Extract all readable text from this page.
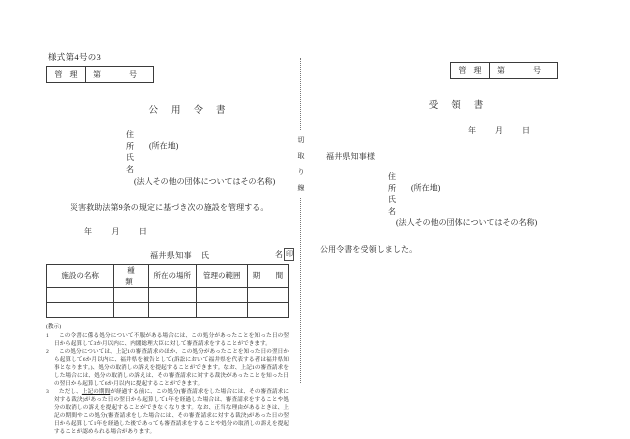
様式第4号の3
管 理	第	号
公用令書
住　所 (所在地)
氏　名
(法人その他の団体についてはその名称)
災害救助法第9条の規定に基づき次の施設を管理する。
年 月 日
福井県知事 氏	名 印
施設の名称	種　類	所在の場所	管理の範囲	期　間

(教示)
1	この令書に係る処分について不服がある場合には、この処分があったことを知った日の翌日から起算して3か月以内に、内閣総理大臣に対して審査請求をすることができます。
2	この処分については、上記1の審査請求のほか、この処分があったことを知った日の翌日から起算して6か月以内に、福井県を被告として(訴訟において福井県を代表する者は福井県知事となります。)、処分の取消しの訴えを提起することができます。なお、上記1の審査請求をした場合には、処分の取消しの訴えは、その審査請求に対する裁決があったことを知った日の翌日から起算して6か月以内に提起することができます。
3	ただし、上記の期間が経過する前に、この処分(審査請求をした場合には、その審査請求に対する裁決)があった日の翌日から起算して1年を経過した場合は、審査請求をすることや処分の取消しの訴えを提起することができなくなります。なお、正当な理由があるときは、上記の期間やこの処分(審査請求をした場合には、その審査請求に対する裁決)があった日の翌日から起算して1年を経過した後であっても審査請求をすることや処分の取消しの訴えを提起することが認められる場合があります。
切
取
り
線
管 理	第	号
受領書
年 月 日
福井県知事様
住　所 (所在地)
氏　名
(法人その他の団体についてはその名称)
公用令書を受領しました。
